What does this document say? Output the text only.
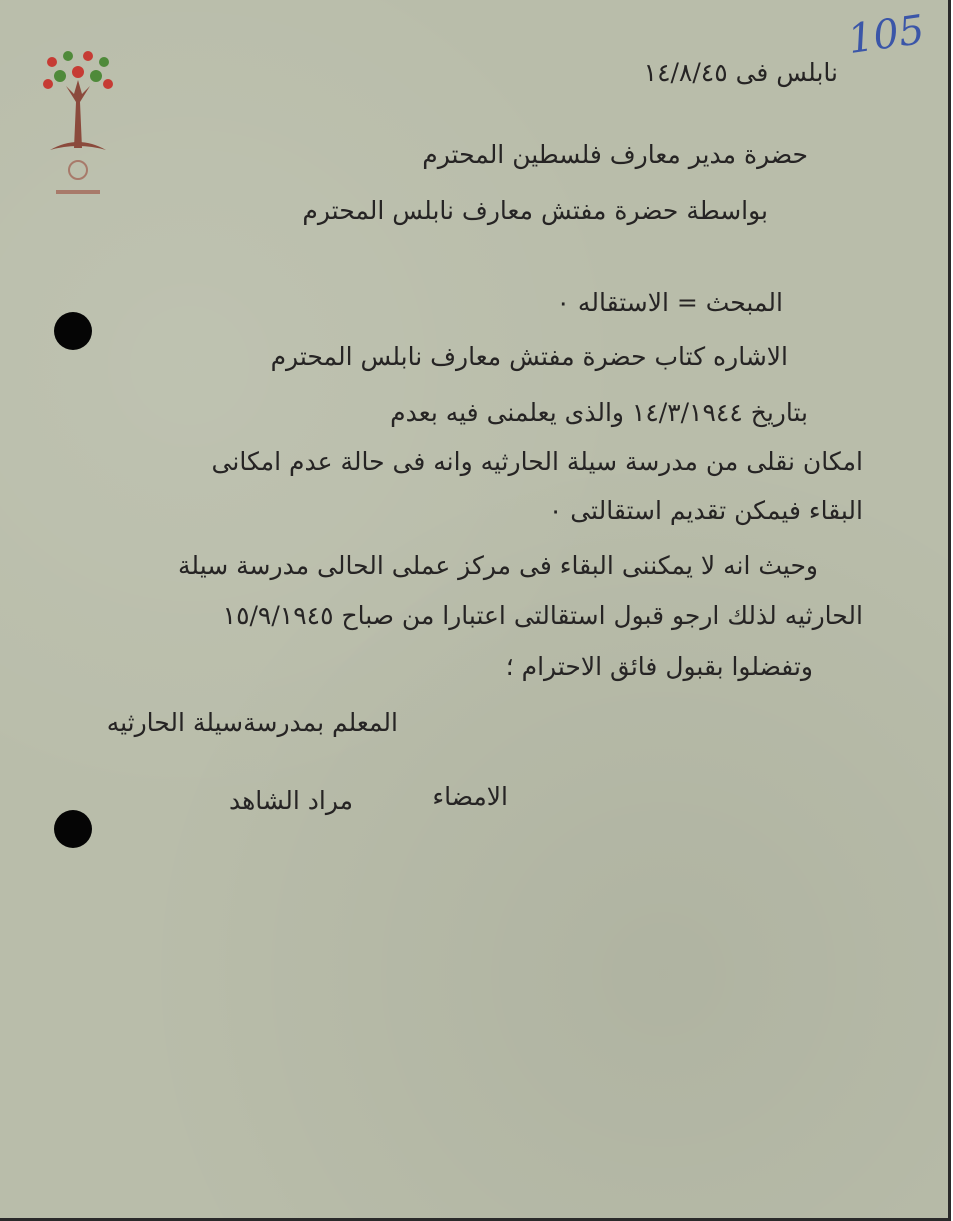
105
نابلس فى ١٤/٨/٤٥
حضرة مدير معارف فلسطين المحترم
بواسطة حضرة مفتش معارف نابلس المحترم
المبحث = الاستقاله ٠
الاشاره كتاب حضرة مفتش معارف نابلس المحترم
بتاريخ ١٤/٣/١٩٤٤ والذى يعلمنى فيه بعدم
امكان نقلى من مدرسة سيلة الحارثيه وانه فى حالة عدم امكانى
البقاء فيمكن تقديم استقالتى ٠
وحيث انه لا يمكننى البقاء فى مركز عملى الحالى مدرسة سيلة
الحارثيه لذلك ارجو قبول استقالتى اعتبارا من صباح ١٥/٩/١٩٤٥
وتفضلوا بقبول فائق الاحترام ؛
المعلم بمدرسةسيلة الحارثيه
الامضاء
مراد الشاهد
